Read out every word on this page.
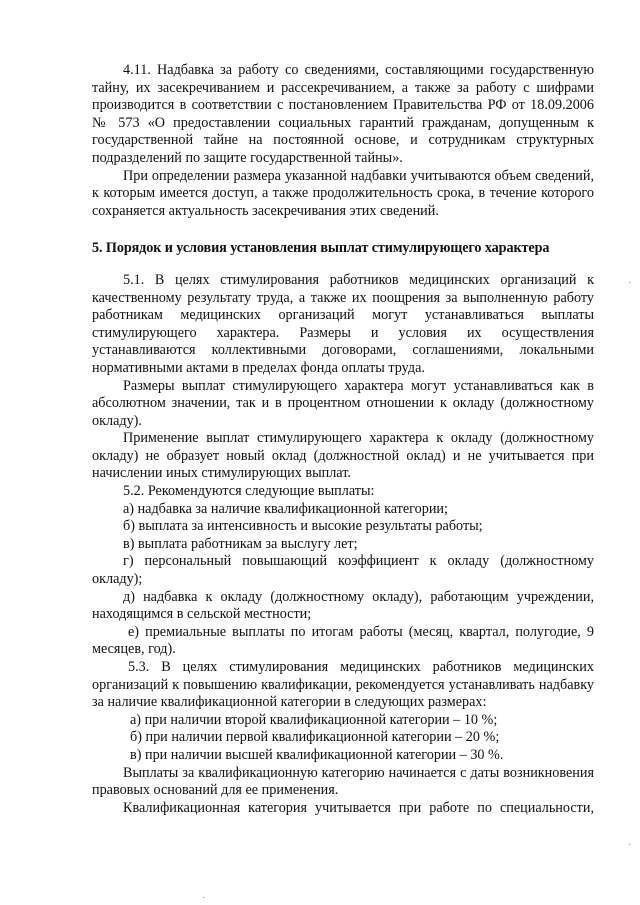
4.11. Надбавка за работу со сведениями, составляющими государственную тайну, их засекречиванием и рассекречиванием, а также за работу с шифрами производится в соответствии с постановлением Правительства РФ от 18.09.2006 № 573 «О предоставлении социальных гарантий гражданам, допущенным к государственной тайне на постоянной основе, и сотрудникам структурных подразделений по защите государственной тайны».

При определении размера указанной надбавки учитываются объем сведений, к которым имеется доступ, а также продолжительность срока, в течение которого сохраняется актуальность засекречивания этих сведений.

5. Порядок и условия установления выплат стимулирующего характера

5.1. В целях стимулирования работников медицинских организаций к качественному результату труда, а также их поощрения за выполненную работу работникам медицинских организаций могут устанавливаться выплаты стимулирующего характера. Размеры и условия их осуществления устанавливаются коллективными договорами, соглашениями, локальными нормативными актами в пределах фонда оплаты труда.

Размеры выплат стимулирующего характера могут устанавливаться как в абсолютном значении, так и в процентном отношении к окладу (должностному окладу).

Применение выплат стимулирующего характера к окладу (должностному окладу) не образует новый оклад (должностной оклад) и не учитывается при начислении иных стимулирующих выплат.

5.2. Рекомендуются следующие выплаты:

а) надбавка за наличие квалификационной категории;

б) выплата за интенсивность и высокие результаты работы;

в) выплата работникам за выслугу лет;

г) персональный повышающий коэффициент к окладу (должностному окладу);

д) надбавка к окладу (должностному окладу), работающим учреждении, находящимся в сельской местности;

е) премиальные выплаты по итогам работы (месяц, квартал, полугодие, 9 месяцев, год).

5.3. В целях стимулирования медицинских работников медицинских организаций к повышению квалификации, рекомендуется устанавливать надбавку за наличие квалификационной категории в следующих размерах:

а) при наличии второй квалификационной категории – 10 %;

б) при наличии первой квалификационной категории – 20 %;

в) при наличии высшей квалификационной категории – 30 %.

Выплаты за квалификационную категорию начинается с даты возникновения правовых оснований для ее применения.

Квалификационная категория учитывается при работе по специальности,

·
·
·
